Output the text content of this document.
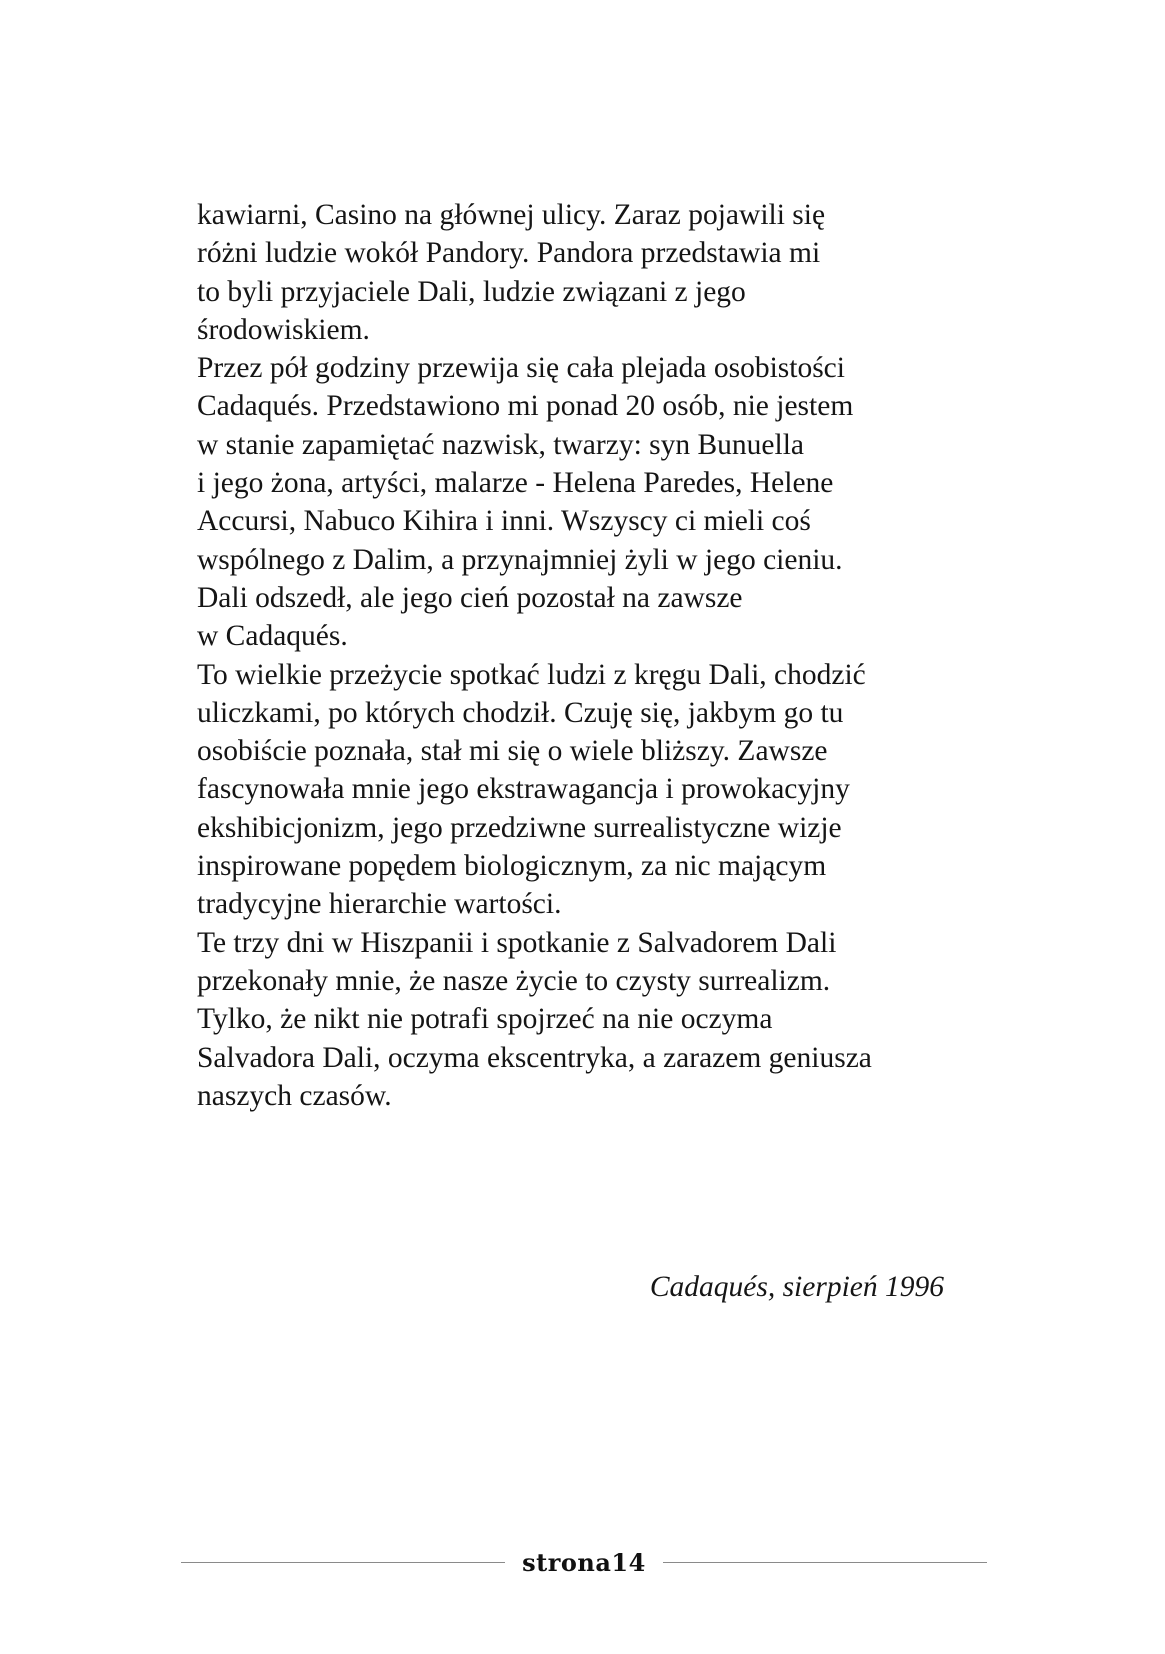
kawiarni, Casino na głównej ulicy. Zaraz pojawili się
różni ludzie wokół Pandory. Pandora przedstawia mi
to byli przyjaciele Dali, ludzie związani z jego
środowiskiem.
Przez pół godziny przewija się cała plejada osobistości
Cadaqués. Przedstawiono mi ponad 20 osób, nie jestem
w stanie zapamiętać nazwisk, twarzy: syn Bunuella
i jego żona, artyści, malarze - Helena Paredes, Helene
Accursi, Nabuco Kihira i inni. Wszyscy ci mieli coś
wspólnego z Dalim, a przynajmniej żyli w jego cieniu.
Dali odszedł, ale jego cień pozostał na zawsze
w Cadaqués.
To wielkie przeżycie spotkać ludzi z kręgu Dali, chodzić
uliczkami, po których chodził. Czuję się, jakbym go tu
osobiście poznała, stał mi się o wiele bliższy. Zawsze
fascynowała mnie jego ekstrawagancja i prowokacyjny
ekshibicjonizm, jego przedziwne surrealistyczne wizje
inspirowane popędem biologicznym, za nic mającym
tradycyjne hierarchie wartości.
Te trzy dni w Hiszpanii i spotkanie z Salvadorem Dali
przekonały mnie, że nasze życie to czysty surrealizm.
Tylko, że nikt nie potrafi spojrzeć na nie oczyma
Salvadora Dali, oczyma ekscentryka, a zarazem geniusza
naszych czasów.
Cadaqués, sierpień 1996
strona14
